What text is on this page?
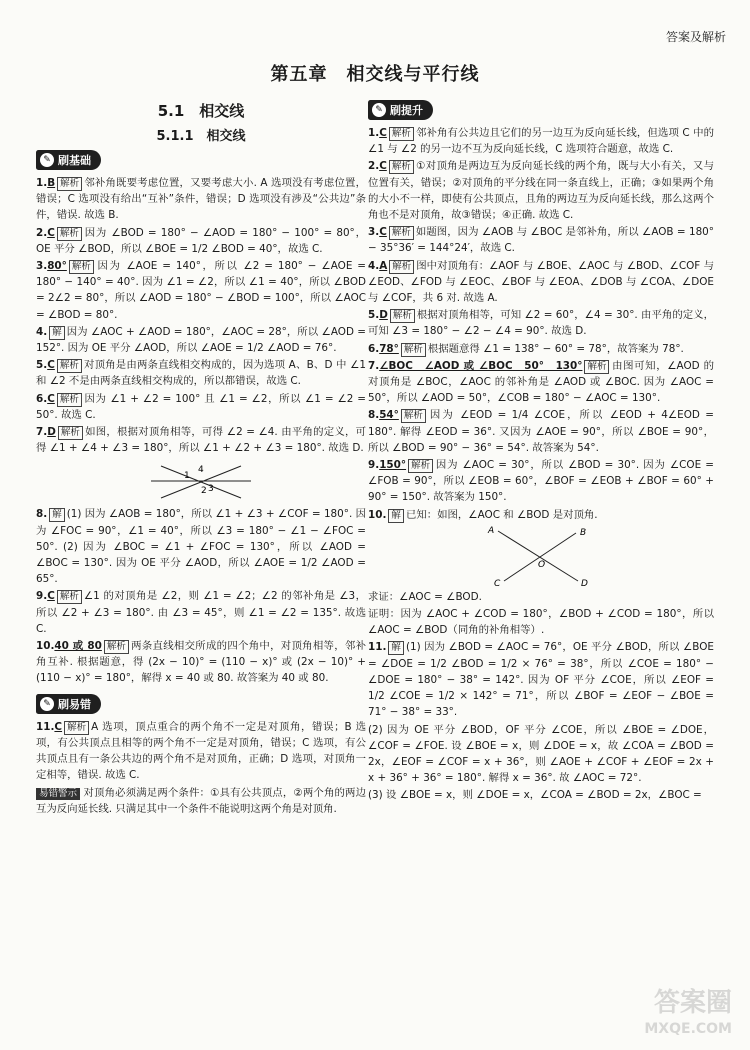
答案及解析
第五章　相交线与平行线
5.1　相交线
5.1.1　相交线
✎ 刷基础
1.B 解析 邻补角既要考虑位置，又要考虑大小. A 选项没有考虑位置，错误；C 选项没有给出“互补”条件，错误；D 选项没有涉及“公共边”条件，错误. 故选 B.
2.C 解析 因为 ∠BOD = 180° − ∠AOD = 180° − 100° = 80°，OE 平分 ∠BOD，所以 ∠BOE = 1/2 ∠BOD = 40°，故选 C.
3.80° 解析 因为 ∠AOE = 140°，所以 ∠2 = 180° − ∠AOE = 180° − 140° = 40°. 因为 ∠1 = ∠2，所以 ∠1 = 40°，所以 ∠BOD = 2∠2 = 80°，所以 ∠AOD = 180° − ∠BOD = 100°，所以 ∠AOC = ∠BOD = 80°.
4. 解 因为 ∠AOC + ∠AOD = 180°，∠AOC = 28°，所以 ∠AOD = 152°. 因为 OE 平分 ∠AOD，所以 ∠AOE = 1/2 ∠AOD = 76°.
5.C 解析 对顶角是由两条直线相交构成的，因为选项 A、B、D 中 ∠1 和 ∠2 不是由两条直线相交构成的，所以都错误，故选 C.
6.C 解析 因为 ∠1 + ∠2 = 100° 且 ∠1 = ∠2，所以 ∠1 = ∠2 = 50°. 故选 C.
7.D 解析 如图，根据对顶角相等，可得 ∠2 = ∠4. 由平角的定义，可得 ∠1 + ∠4 + ∠3 = 180°，所以 ∠1 + ∠2 + ∠3 = 180°. 故选 D.
1
2 3
4
8. 解 (1) 因为 ∠AOB = 180°，所以 ∠1 + ∠3 + ∠COF = 180°. 因为 ∠FOC = 90°，∠1 = 40°，所以 ∠3 = 180° − ∠1 − ∠FOC = 50°. (2) 因为 ∠BOC = ∠1 + ∠FOC = 130°，所以 ∠AOD = ∠BOC = 130°. 因为 OE 平分 ∠AOD，所以 ∠AOE = 1/2 ∠AOD = 65°.
9.C 解析 ∠1 的对顶角是 ∠2，则 ∠1 = ∠2；∠2 的邻补角是 ∠3，所以 ∠2 + ∠3 = 180°. 由 ∠3 = 45°，则 ∠1 = ∠2 = 135°. 故选 C.
10.40 或 80 解析 两条直线相交所成的四个角中，对顶角相等，邻补角互补. 根据题意，得 (2x − 10)° = (110 − x)° 或 (2x − 10)° + (110 − x)° = 180°，解得 x = 40 或 80. 故答案为 40 或 80.
✎ 刷易错
11.C 解析 A 选项，顶点重合的两个角不一定是对顶角，错误；B 选项，有公共顶点且相等的两个角不一定是对顶角，错误；C 选项，有公共顶点且有一条公共边的两个角不是对顶角，正确；D 选项，对顶角一定相等，错误. 故选 C.
易错警示 对顶角必须满足两个条件：①具有公共顶点，②两个角的两边互为反向延长线. 只满足其中一个条件不能说明这两个角是对顶角.
✎ 刷提升
1.C 解析 邻补角有公共边且它们的另一边互为反向延长线，但选项 C 中的 ∠1 与 ∠2 的另一边不互为反向延长线，C 选项符合题意，故选 C.
2.C 解析 ①对顶角是两边互为反向延长线的两个角，既与大小有关，又与位置有关，错误；②对顶角的平分线在同一条直线上，正确；③如果两个角的大小不一样，即使有公共顶点，且角的两边互为反向延长线，那么这两个角也不是对顶角，故③错误；④正确. 故选 C.
3.C 解析 如题图，因为 ∠AOB 与 ∠BOC 是邻补角，所以 ∠AOB = 180° − 35°36′ = 144°24′，故选 C.
4.A 解析 图中对顶角有：∠AOF 与 ∠BOE、∠AOC 与 ∠BOD、∠COF 与 ∠EOD、∠FOD 与 ∠EOC、∠BOF 与 ∠EOA、∠DOB 与 ∠COA、∠DOE 与 ∠COF，共 6 对. 故选 A.
5.D 解析 根据对顶角相等，可知 ∠2 = 60°，∠4 = 30°. 由平角的定义，可知 ∠3 = 180° − ∠2 − ∠4 = 90°. 故选 D.
6.78° 解析 根据题意得 ∠1 = 138° − 60° = 78°，故答案为 78°.
7.∠BOC　∠AOD 或 ∠BOC　50°　130° 解析 由图可知，∠AOD 的对顶角是 ∠BOC，∠AOC 的邻补角是 ∠AOD 或 ∠BOC. 因为 ∠AOC = 50°，所以 ∠AOD = 50°，∠COB = 180° − ∠AOC = 130°.
8.54° 解析 因为 ∠EOD = 1/4 ∠COE，所以 ∠EOD + 4∠EOD = 180°. 解得 ∠EOD = 36°. 又因为 ∠AOE = 90°，所以 ∠BOE = 90°，所以 ∠BOD = 90° − 36° = 54°. 故答案为 54°.
9.150° 解析 因为 ∠AOC = 30°，所以 ∠BOD = 30°. 因为 ∠COE = ∠FOB = 90°，所以 ∠EOB = 60°，∠BOF = ∠EOB + ∠BOF = 60° + 90° = 150°. 故答案为 150°.
10. 解 已知：如图，∠AOC 和 ∠BOD 是对顶角.
A	B
C	D
O
求证：∠AOC = ∠BOD.
证明：因为 ∠AOC + ∠COD = 180°，∠BOD + ∠COD = 180°，所以 ∠AOC = ∠BOD（同角的补角相等）.
11. 解 (1) 因为 ∠BOD = ∠AOC = 76°，OE 平分 ∠BOD，所以 ∠BOE = ∠DOE = 1/2 ∠BOD = 1/2 × 76° = 38°，所以 ∠COE = 180° − ∠DOE = 180° − 38° = 142°. 因为 OF 平分 ∠COE，所以 ∠EOF = 1/2 ∠COE = 1/2 × 142° = 71°，所以 ∠BOF = ∠EOF − ∠BOE = 71° − 38° = 33°.
(2) 因为 OE 平分 ∠BOD，OF 平分 ∠COE，所以 ∠BOE = ∠DOE，∠COF = ∠FOE. 设 ∠BOE = x，则 ∠DOE = x，故 ∠COA = ∠BOD = 2x，∠EOF = ∠COF = x + 36°，则 ∠AOE + ∠COF + ∠EOF = 2x + x + 36° + 36° = 180°. 解得 x = 36°. 故 ∠AOC = 72°.
(3) 设 ∠BOE = x，则 ∠DOE = x，∠COA = ∠BOD = 2x，∠BOC =
答案圈
MXQE.COM
